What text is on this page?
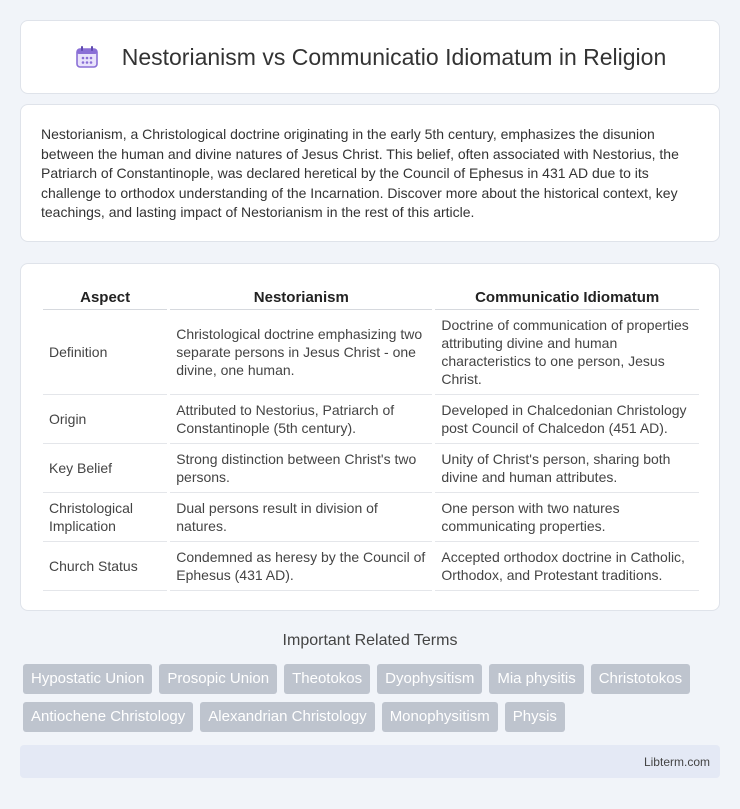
Nestorianism vs Communicatio Idiomatum in Religion

Nestorianism, a Christological doctrine originating in the early 5th century, emphasizes the disunion between the human and divine natures of Jesus Christ. This belief, often associated with Nestorius, the Patriarch of Constantinople, was declared heretical by the Council of Ephesus in 431 AD due to its challenge to orthodox understanding of the Incarnation. Discover more about the historical context, key teachings, and lasting impact of Nestorianism in the rest of this article.

Aspect	Nestorianism	Communicatio Idiomatum
Definition	Christological doctrine emphasizing two separate persons in Jesus Christ - one divine, one human.	Doctrine of communication of properties attributing divine and human characteristics to one person, Jesus Christ.
Origin	Attributed to Nestorius, Patriarch of Constantinople (5th century).	Developed in Chalcedonian Christology post Council of Chalcedon (451 AD).
Key Belief	Strong distinction between Christ's two persons.	Unity of Christ's person, sharing both divine and human attributes.
Christological Implication	Dual persons result in division of natures.	One person with two natures communicating properties.
Church Status	Condemned as heresy by the Council of Ephesus (431 AD).	Accepted orthodox doctrine in Catholic, Orthodox, and Protestant traditions.
Important Related Terms
Hypostatic Union	Prosopic Union	Theotokos	Dyophysitism	Mia physitis	Christotokos
Antiochene Christology	Alexandrian Christology	Monophysitism	Physis
Libterm.com
